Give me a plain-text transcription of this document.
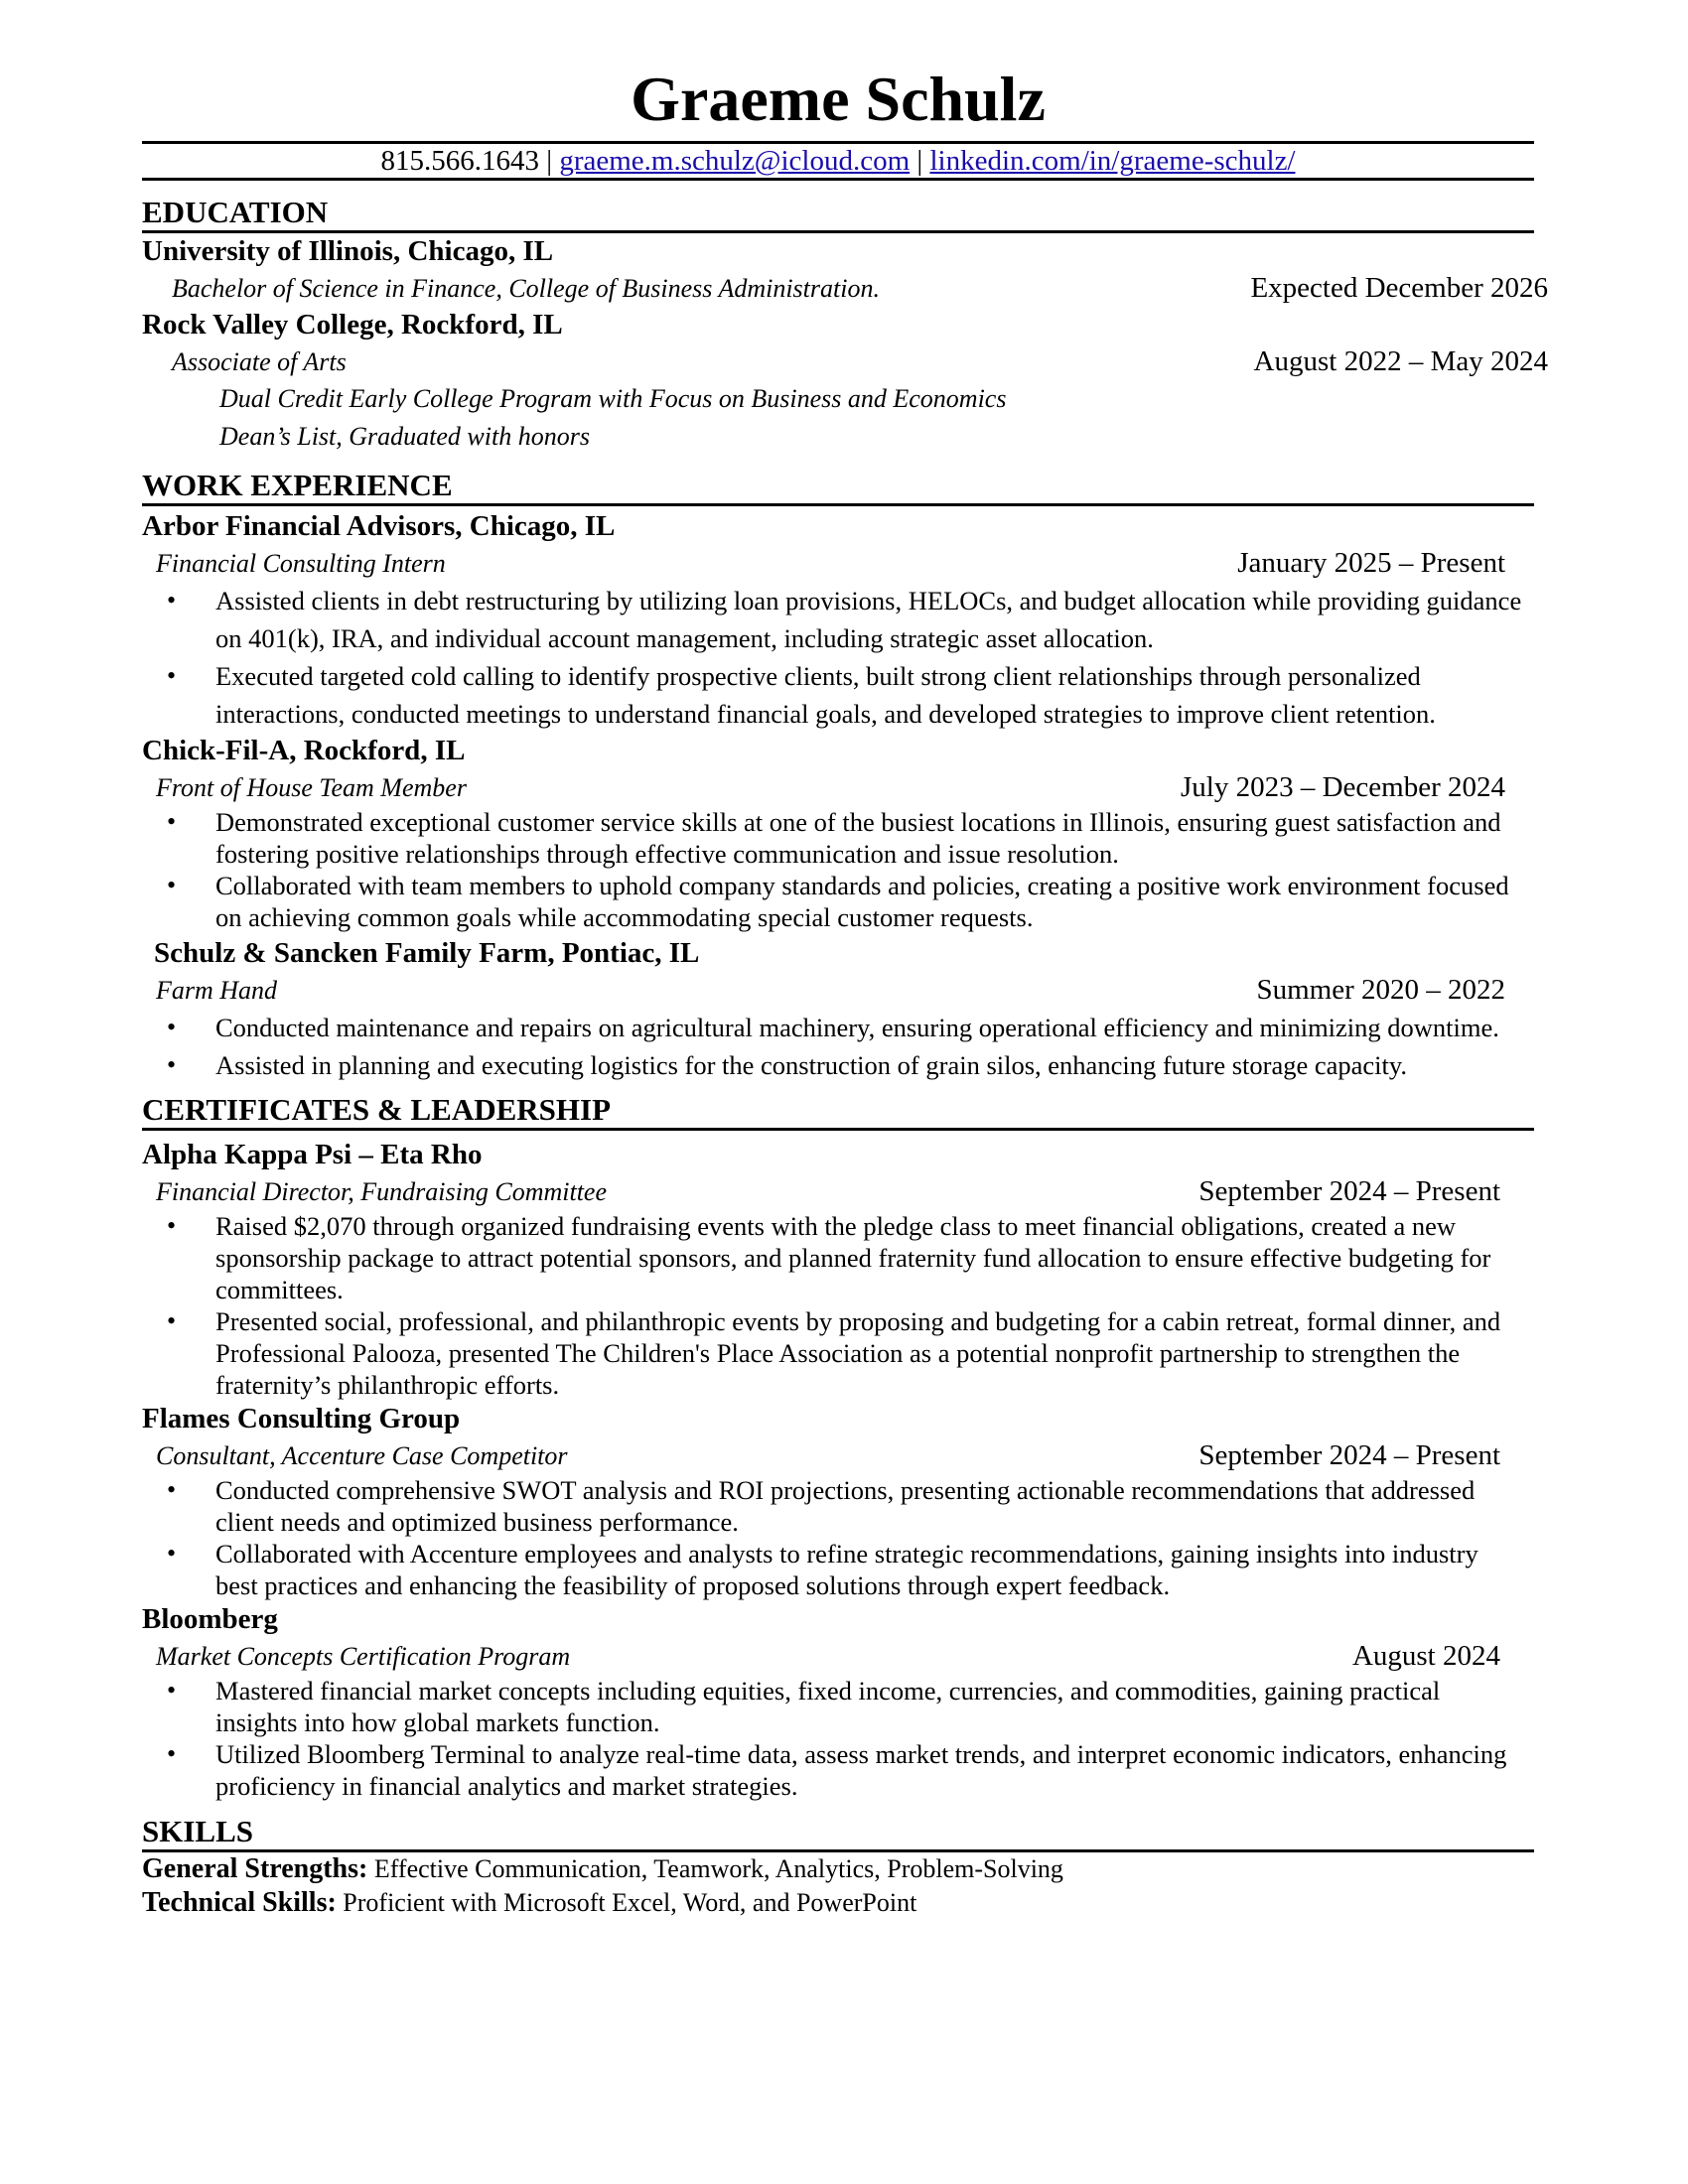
Graeme Schulz
815.566.1643 | graeme.m.schulz@icloud.com | linkedin.com/in/graeme-schulz/
EDUCATION
University of Illinois, Chicago, IL
Bachelor of Science in Finance, College of Business Administration.	Expected December 2026
Rock Valley College, Rockford, IL
Associate of Arts	August 2022 – May 2024
Dual Credit Early College Program with Focus on Business and Economics
Dean’s List, Graduated with honors
WORK EXPERIENCE
Arbor Financial Advisors, Chicago, IL
Financial Consulting Intern	January 2025 – Present
• Assisted clients in debt restructuring by utilizing loan provisions, HELOCs, and budget allocation while providing guidance on 401(k), IRA, and individual account management, including strategic asset allocation.
• Executed targeted cold calling to identify prospective clients, built strong client relationships through personalized interactions, conducted meetings to understand financial goals, and developed strategies to improve client retention.
Chick-Fil-A, Rockford, IL
Front of House Team Member	July 2023 – December 2024
• Demonstrated exceptional customer service skills at one of the busiest locations in Illinois, ensuring guest satisfaction and fostering positive relationships through effective communication and issue resolution.
• Collaborated with team members to uphold company standards and policies, creating a positive work environment focused on achieving common goals while accommodating special customer requests.
Schulz & Sancken Family Farm, Pontiac, IL
Farm Hand	Summer 2020 – 2022
• Conducted maintenance and repairs on agricultural machinery, ensuring operational efficiency and minimizing downtime.
• Assisted in planning and executing logistics for the construction of grain silos, enhancing future storage capacity.
CERTIFICATES & LEADERSHIP
Alpha Kappa Psi – Eta Rho
Financial Director, Fundraising Committee	September 2024 – Present
• Raised $2,070 through organized fundraising events with the pledge class to meet financial obligations, created a new sponsorship package to attract potential sponsors, and planned fraternity fund allocation to ensure effective budgeting for committees.
• Presented social, professional, and philanthropic events by proposing and budgeting for a cabin retreat, formal dinner, and Professional Palooza, presented The Children's Place Association as a potential nonprofit partnership to strengthen the fraternity’s philanthropic efforts.
Flames Consulting Group
Consultant, Accenture Case Competitor	September 2024 – Present
• Conducted comprehensive SWOT analysis and ROI projections, presenting actionable recommendations that addressed client needs and optimized business performance.
• Collaborated with Accenture employees and analysts to refine strategic recommendations, gaining insights into industry best practices and enhancing the feasibility of proposed solutions through expert feedback.
Bloomberg
Market Concepts Certification Program	August 2024
• Mastered financial market concepts including equities, fixed income, currencies, and commodities, gaining practical insights into how global markets function.
• Utilized Bloomberg Terminal to analyze real-time data, assess market trends, and interpret economic indicators, enhancing proficiency in financial analytics and market strategies.
SKILLS
General Strengths: Effective Communication, Teamwork, Analytics, Problem-Solving
Technical Skills: Proficient with Microsoft Excel, Word, and PowerPoint
